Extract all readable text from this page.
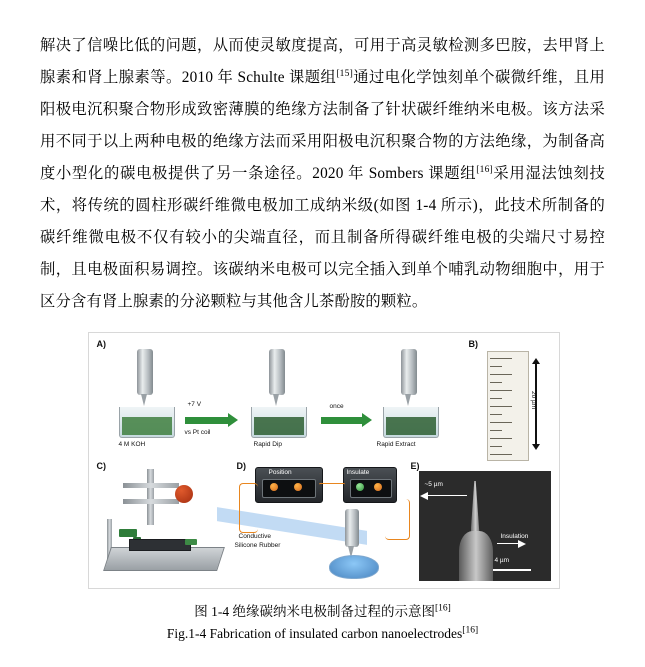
解决了信噪比低的问题，从而使灵敏度提高，可用于高灵敏检测多巴胺，去甲肾上腺素和肾上腺素等。2010 年 Schulte 课题组[15]通过电化学蚀刻单个碳微纤维，且用阳极电沉积聚合物形成致密薄膜的绝缘方法制备了针状碳纤维纳米电极。该方法采用不同于以上两种电极的绝缘方法而采用阳极电沉积聚合物的方法绝缘，为制备高度小型化的碳电极提供了另一条途径。2020 年 Sombers 课题组[16]采用湿法蚀刻技术，将传统的圆柱形碳纤维微电极加工成纳米级(如图 1-4 所示)，此技术所制备的碳纤维微电极不仅有较小的尖端直径，而且制备所得碳纤维电极的尖端尺寸易控制，且电极面积易调控。该碳纳米电极可以完全插入到单个哺乳动物细胞中，用于区分含有肾上腺素的分泌颗粒与其他含儿茶酚胺的颗粒。

A)
4 M KOH
+7 V
vs Pt coil
Rapid Dip
once
Rapid Extract
B)
20 µm
C)	D)
Position	Insulate
Conductive
Silicone Rubber
E)
~5 µm
Insulation
4 µm
图 1-4 绝缘碳纳米电极制备过程的示意图[16]
Fig.1-4 Fabrication of insulated carbon nanoelectrodes[16]
